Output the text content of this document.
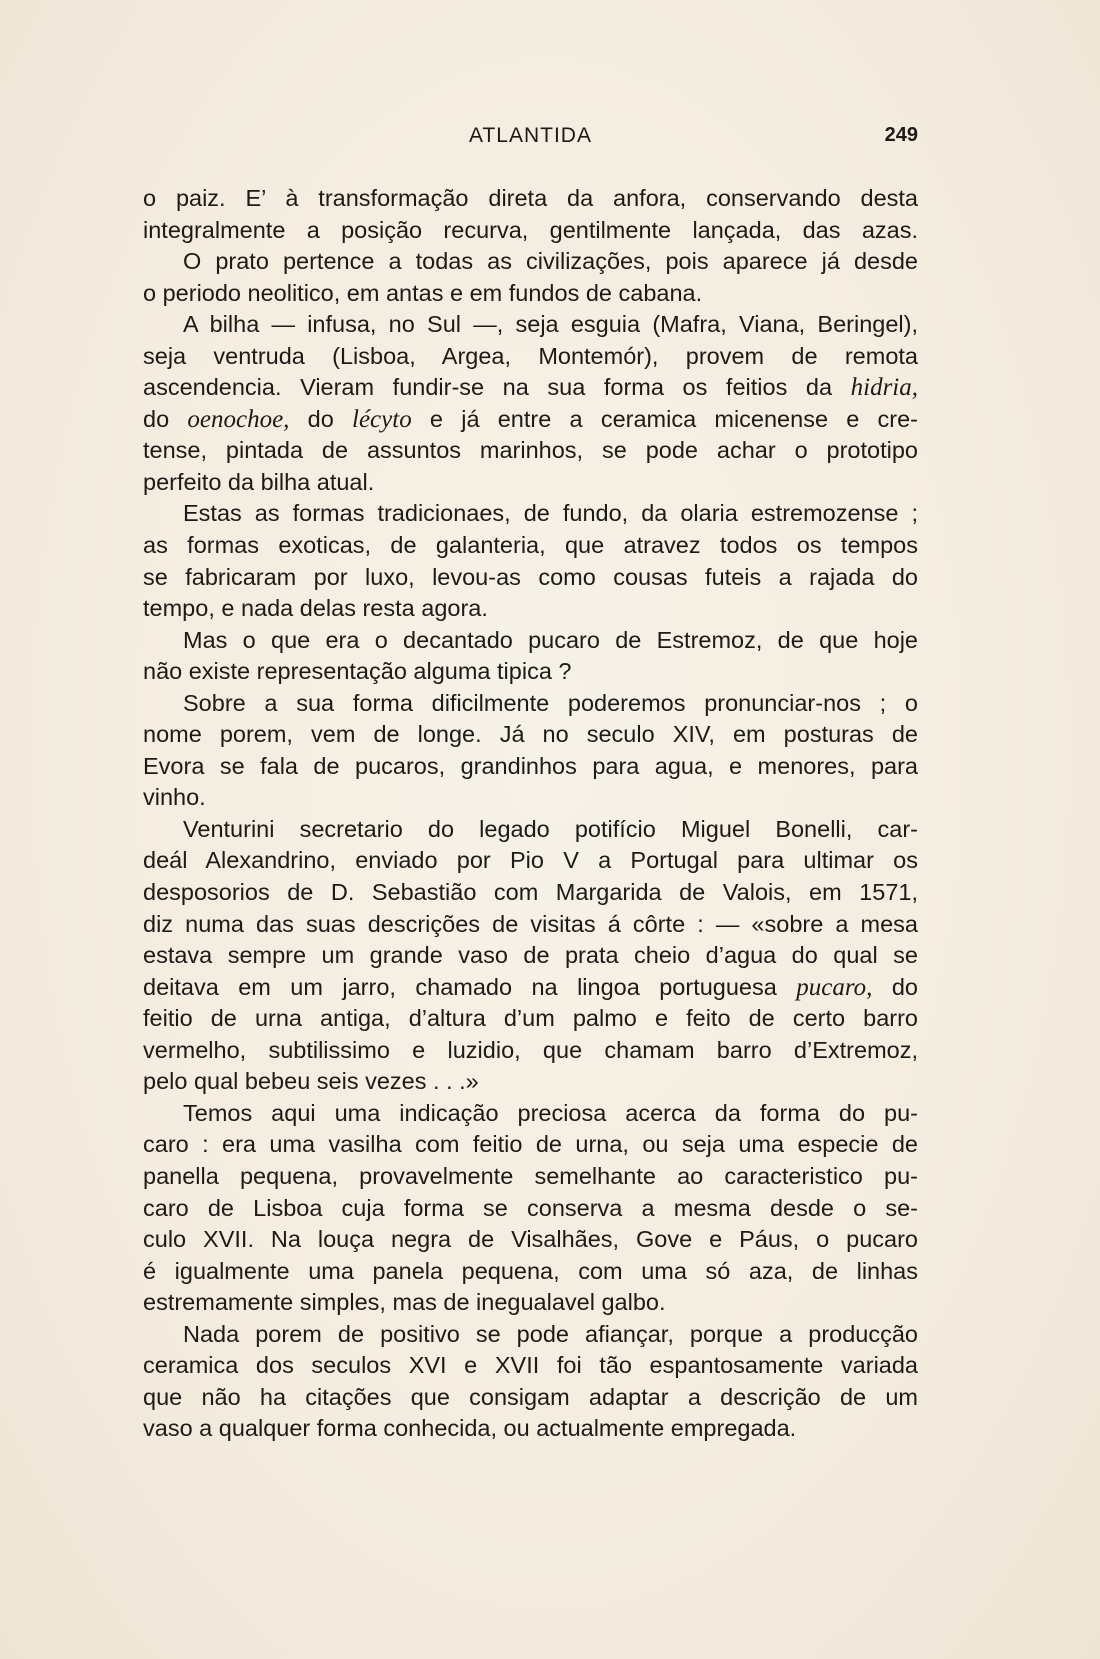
ATLANTIDA	249
o paiz. E’ à transformação direta da anfora, conservando desta
integralmente a posição recurva, gentilmente lançada, das azas.
O prato pertence a todas as civilizações, pois aparece já desde
o periodo neolitico, em antas e em fundos de cabana.
A bilha — infusa, no Sul —, seja esguia (Mafra, Viana, Beringel),
seja ventruda (Lisboa, Argea, Montemór), provem de remota
ascendencia. Vieram fundir-se na sua forma os feitios da hidria,
do oenochoe, do lécyto e já entre a ceramica micenense e cre-
tense, pintada de assuntos marinhos, se pode achar o prototipo
perfeito da bilha atual.
Estas as formas tradicionaes, de fundo, da olaria estremozense ;
as formas exoticas, de galanteria, que atravez todos os tempos
se fabricaram por luxo, levou-as como cousas futeis a rajada do
tempo, e nada delas resta agora.
Mas o que era o decantado pucaro de Estremoz, de que hoje
não existe representação alguma tipica ?
Sobre a sua forma dificilmente poderemos pronunciar-nos ; o
nome porem, vem de longe. Já no seculo XIV, em posturas de
Evora se fala de pucaros, grandinhos para agua, e menores, para
vinho.
Venturini secretario do legado potifício Miguel Bonelli, car-
deál Alexandrino, enviado por Pio V a Portugal para ultimar os
desposorios de D. Sebastião com Margarida de Valois, em 1571,
diz numa das suas descrições de visitas á côrte : — «sobre a mesa
estava sempre um grande vaso de prata cheio d’agua do qual se
deitava em um jarro, chamado na lingoa portuguesa pucaro, do
feitio de urna antiga, d’altura d’um palmo e feito de certo barro
vermelho, subtilissimo e luzidio, que chamam barro d’Extremoz,
pelo qual bebeu seis vezes . . .»
Temos aqui uma indicação preciosa acerca da forma do pu-
caro : era uma vasilha com feitio de urna, ou seja uma especie de
panella pequena, provavelmente semelhante ao caracteristico pu-
caro de Lisboa cuja forma se conserva a mesma desde o se-
culo XVII. Na louça negra de Visalhães, Gove e Páus, o pucaro
é igualmente uma panela pequena, com uma só aza, de linhas
estremamente simples, mas de inegualavel galbo.
Nada porem de positivo se pode afiançar, porque a producção
ceramica dos seculos XVI e XVII foi tão espantosamente variada
que não ha citações que consigam adaptar a descrição de um
vaso a qualquer forma conhecida, ou actualmente empregada.
